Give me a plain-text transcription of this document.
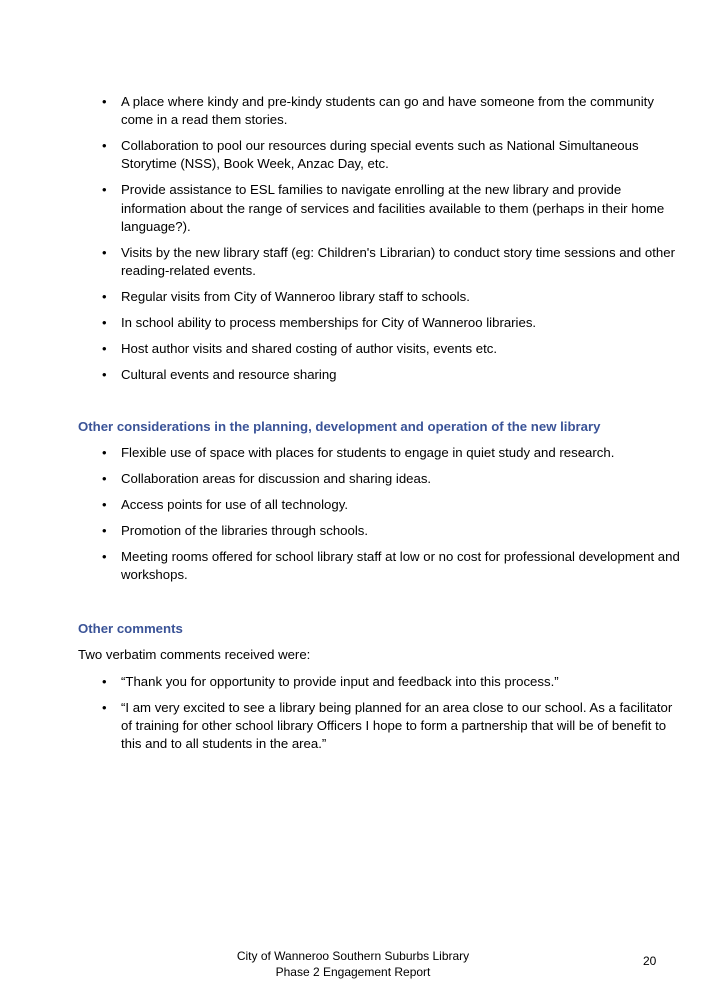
• A place where kindy and pre-kindy students can go and have someone from the community come in a read them stories.
• Collaboration to pool our resources during special events such as National Simultaneous Storytime (NSS), Book Week, Anzac Day, etc.
• Provide assistance to ESL families to navigate enrolling at the new library and provide information about the range of services and facilities available to them (perhaps in their home language?).
• Visits by the new library staff (eg: Children's Librarian) to conduct story time sessions and other reading-related events.
• Regular visits from City of Wanneroo library staff to schools.
• In school ability to process memberships for City of Wanneroo libraries.
• Host author visits and shared costing of author visits, events etc.
• Cultural events and resource sharing
Other considerations in the planning, development and operation of the new library
• Flexible use of space with places for students to engage in quiet study and research.
• Collaboration areas for discussion and sharing ideas.
• Access points for use of all technology.
• Promotion of the libraries through schools.
• Meeting rooms offered for school library staff at low or no cost for professional development and workshops.
Other comments
Two verbatim comments received were:
• “Thank you for opportunity to provide input and feedback into this process.”
• “I am very excited to see a library being planned for an area close to our school. As a facilitator of training for other school library Officers I hope to form a partnership that will be of benefit to this and to all students in the area.”
City of Wanneroo Southern Suburbs Library
Phase 2 Engagement Report
20
